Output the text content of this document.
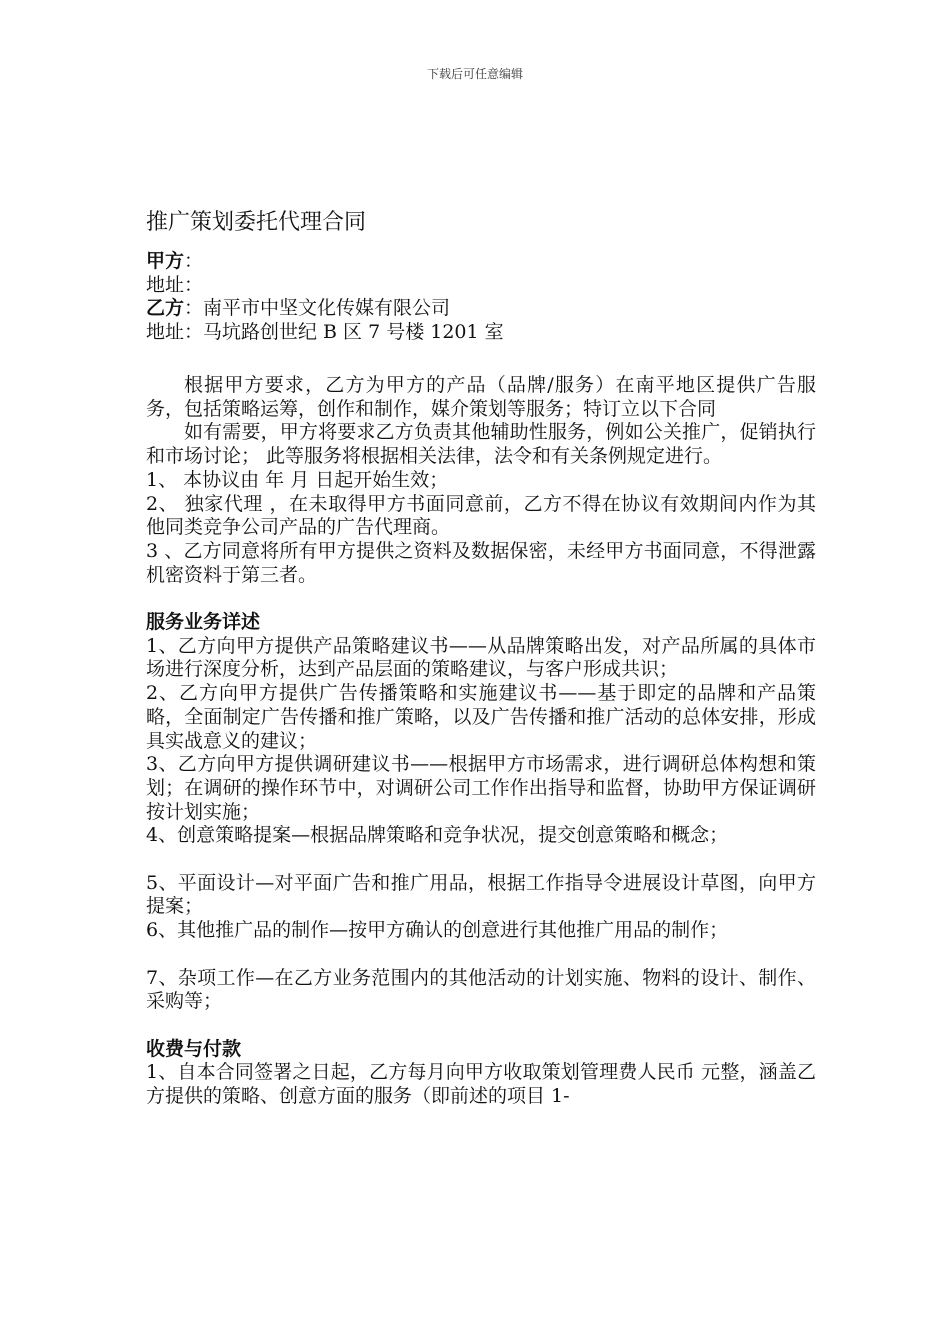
下载后可任意编辑
推广策划委托代理合同
甲方：
地址：
乙方：南平市中坚文化传媒有限公司
地址：马坑路创世纪 B 区 7 号楼 1201 室

根据甲方要求，乙方为甲方的产品（品牌/服务）在南平地区提供广告服务，包括策略运筹，创作和制作，媒介策划等服务；特订立以下合同

如有需要，甲方将要求乙方负责其他辅助性服务，例如公关推广，促销执行和市场讨论； 此等服务将根据相关法律，法令和有关条例规定进行。

1、 本协议由 年 月 日起开始生效；

2、 独家代理 ，在未取得甲方书面同意前，乙方不得在协议有效期间内作为其他同类竞争公司产品的广告代理商。

3 、乙方同意将所有甲方提供之资料及数据保密，未经甲方书面同意，不得泄露机密资料于第三者。

服务业务详述

1、乙方向甲方提供产品策略建议书——从品牌策略出发，对产品所属的具体市场进行深度分析，达到产品层面的策略建议，与客户形成共识；

2、乙方向甲方提供广告传播策略和实施建议书——基于即定的品牌和产品策略，全面制定广告传播和推广策略，以及广告传播和推广活动的总体安排，形成具实战意义的建议；

3、乙方向甲方提供调研建议书——根据甲方市场需求，进行调研总体构想和策划；在调研的操作环节中，对调研公司工作作出指导和监督，协助甲方保证调研按计划实施；

4、创意策略提案—根据品牌策略和竞争状况，提交创意策略和概念；

5、平面设计—对平面广告和推广用品，根据工作指导令进展设计草图，向甲方提案；

6、其他推广品的制作—按甲方确认的创意进行其他推广用品的制作；

7、杂项工作—在乙方业务范围内的其他活动的计划实施、物料的设计、制作、采购等；

收费与付款

1、自本合同签署之日起，乙方每月向甲方收取策划管理费人民币 元整，涵盖乙方提供的策略、创意方面的服务（即前述的项目 1-
